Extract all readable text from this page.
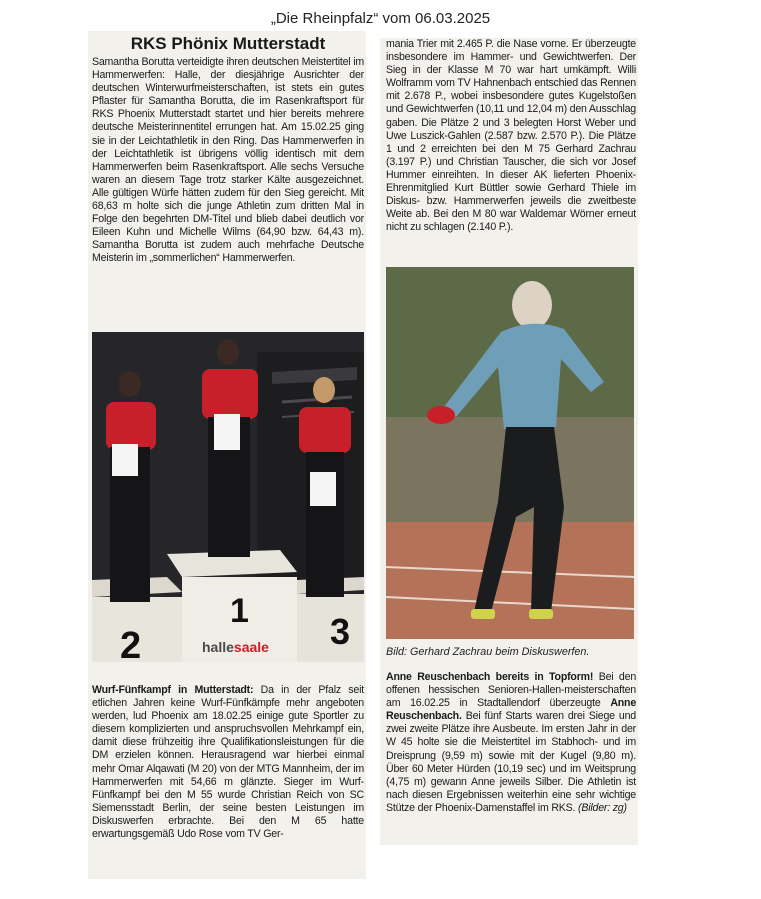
„Die Rheinpfalz“ vom 06.03.2025
RKS Phönix Mutterstadt

Samantha Borutta verteidigte ihren deutschen Meistertitel im Hammerwerfen: Halle, der diesjährige Ausrichter der deutschen Winterwurfmeisterschaften, ist stets ein gutes Pflaster für Samantha Borutta, die im Rasenkraftsport für RKS Phoenix Mutterstadt startet und hier bereits mehrere deutsche Meisterinnentitel errungen hat. Am 15.02.25 ging sie in der Leichtathletik in den Ring. Das Hammerwerfen in der Leichtathletik ist übrigens völlig identisch mit dem Hammerwerfen beim Rasenkraftsport. Alle sechs Versuche waren an diesem Tage trotz starker Kälte ausgezeichnet. Alle gültigen Würfe hätten zudem für den Sieg gereicht. Mit 68,63 m holte sich die junge Athletin zum dritten Mal in Folge den begehrten DM-Titel und blieb dabei deutlich vor Eileen Kuhn und Michelle Wilms (64,90 bzw. 64,43 m). Samantha Borutta ist zudem auch mehrfache Deutsche Meisterin im „sommerlichen“ Hammerwerfen.

2
1 3
hallesaale

Wurf-Fünfkampf in Mutterstadt: Da in der Pfalz seit etlichen Jahren keine Wurf-Fünfkämpfe mehr angeboten werden, lud Phoenix am 18.02.25 einige gute Sportler zu diesem komplizierten und anspruchsvollen Mehrkampf ein, damit diese frühzeitig ihre Qualifikationsleistungen für die DM erzielen können. Herausragend war hierbei einmal mehr Omar Alqawati (M 20) von der MTG Mannheim, der im Hammerwerfen mit 54,66 m glänzte. Sieger im Wurf-Fünfkampf bei den M 55 wurde Christian Reich von SC Siemensstadt Berlin, der seine besten Leistungen im Diskuswerfen erbrachte. Bei den M 65 hatte erwartungsgemäß Udo Rose vom TV Ger-

mania Trier mit 2.465 P. die Nase vorne. Er überzeugte insbesondere im Hammer- und Gewichtwerfen. Der Sieg in der Klasse M 70 war hart umkämpft. Willi Wolframm vom TV Hahnenbach entschied das Rennen mit 2.678 P., wobei insbesondere gutes Kugelstoßen und Gewichtwerfen (10,11 und 12,04 m) den Ausschlag gaben. Die Plätze 2 und 3 belegten Horst Weber und Uwe Luszick-Gahlen (2.587 bzw. 2.570 P.). Die Plätze 1 und 2 erreichten bei den M 75 Gerhard Zachrau (3.197 P.) und Christian Tauscher, die sich vor Josef Hummer einreihten. In dieser AK lieferten Phoenix-Ehrenmitglied Kurt Büttler sowie Gerhard Thiele im Diskus- bzw. Hammerwerfen jeweils die zweitbeste Weite ab. Bei den M 80 war Waldemar Wörner erneut nicht zu schlagen (2.140 P.).

Bild: Gerhard Zachrau beim Diskuswerfen.

Anne Reuschenbach bereits in Topform! Bei den offenen hessischen Senioren-Hallen-meisterschaften am 16.02.25 in Stadtallendorf überzeugte Anne Reuschenbach. Bei fünf Starts waren drei Siege und zwei zweite Plätze ihre Ausbeute. Im ersten Jahr in der W 45 holte sie die Meistertitel im Stabhoch- und im Dreisprung (9,59 m) sowie mit der Kugel (9,80 m). Über 60 Meter Hürden (10,19 sec) und im Weitsprung (4,75 m) gewann Anne jeweils Silber. Die Athletin ist nach diesen Ergebnissen weiterhin eine sehr wichtige Stütze der Phoenix-Damenstaffel im RKS. (Bilder: zg)
